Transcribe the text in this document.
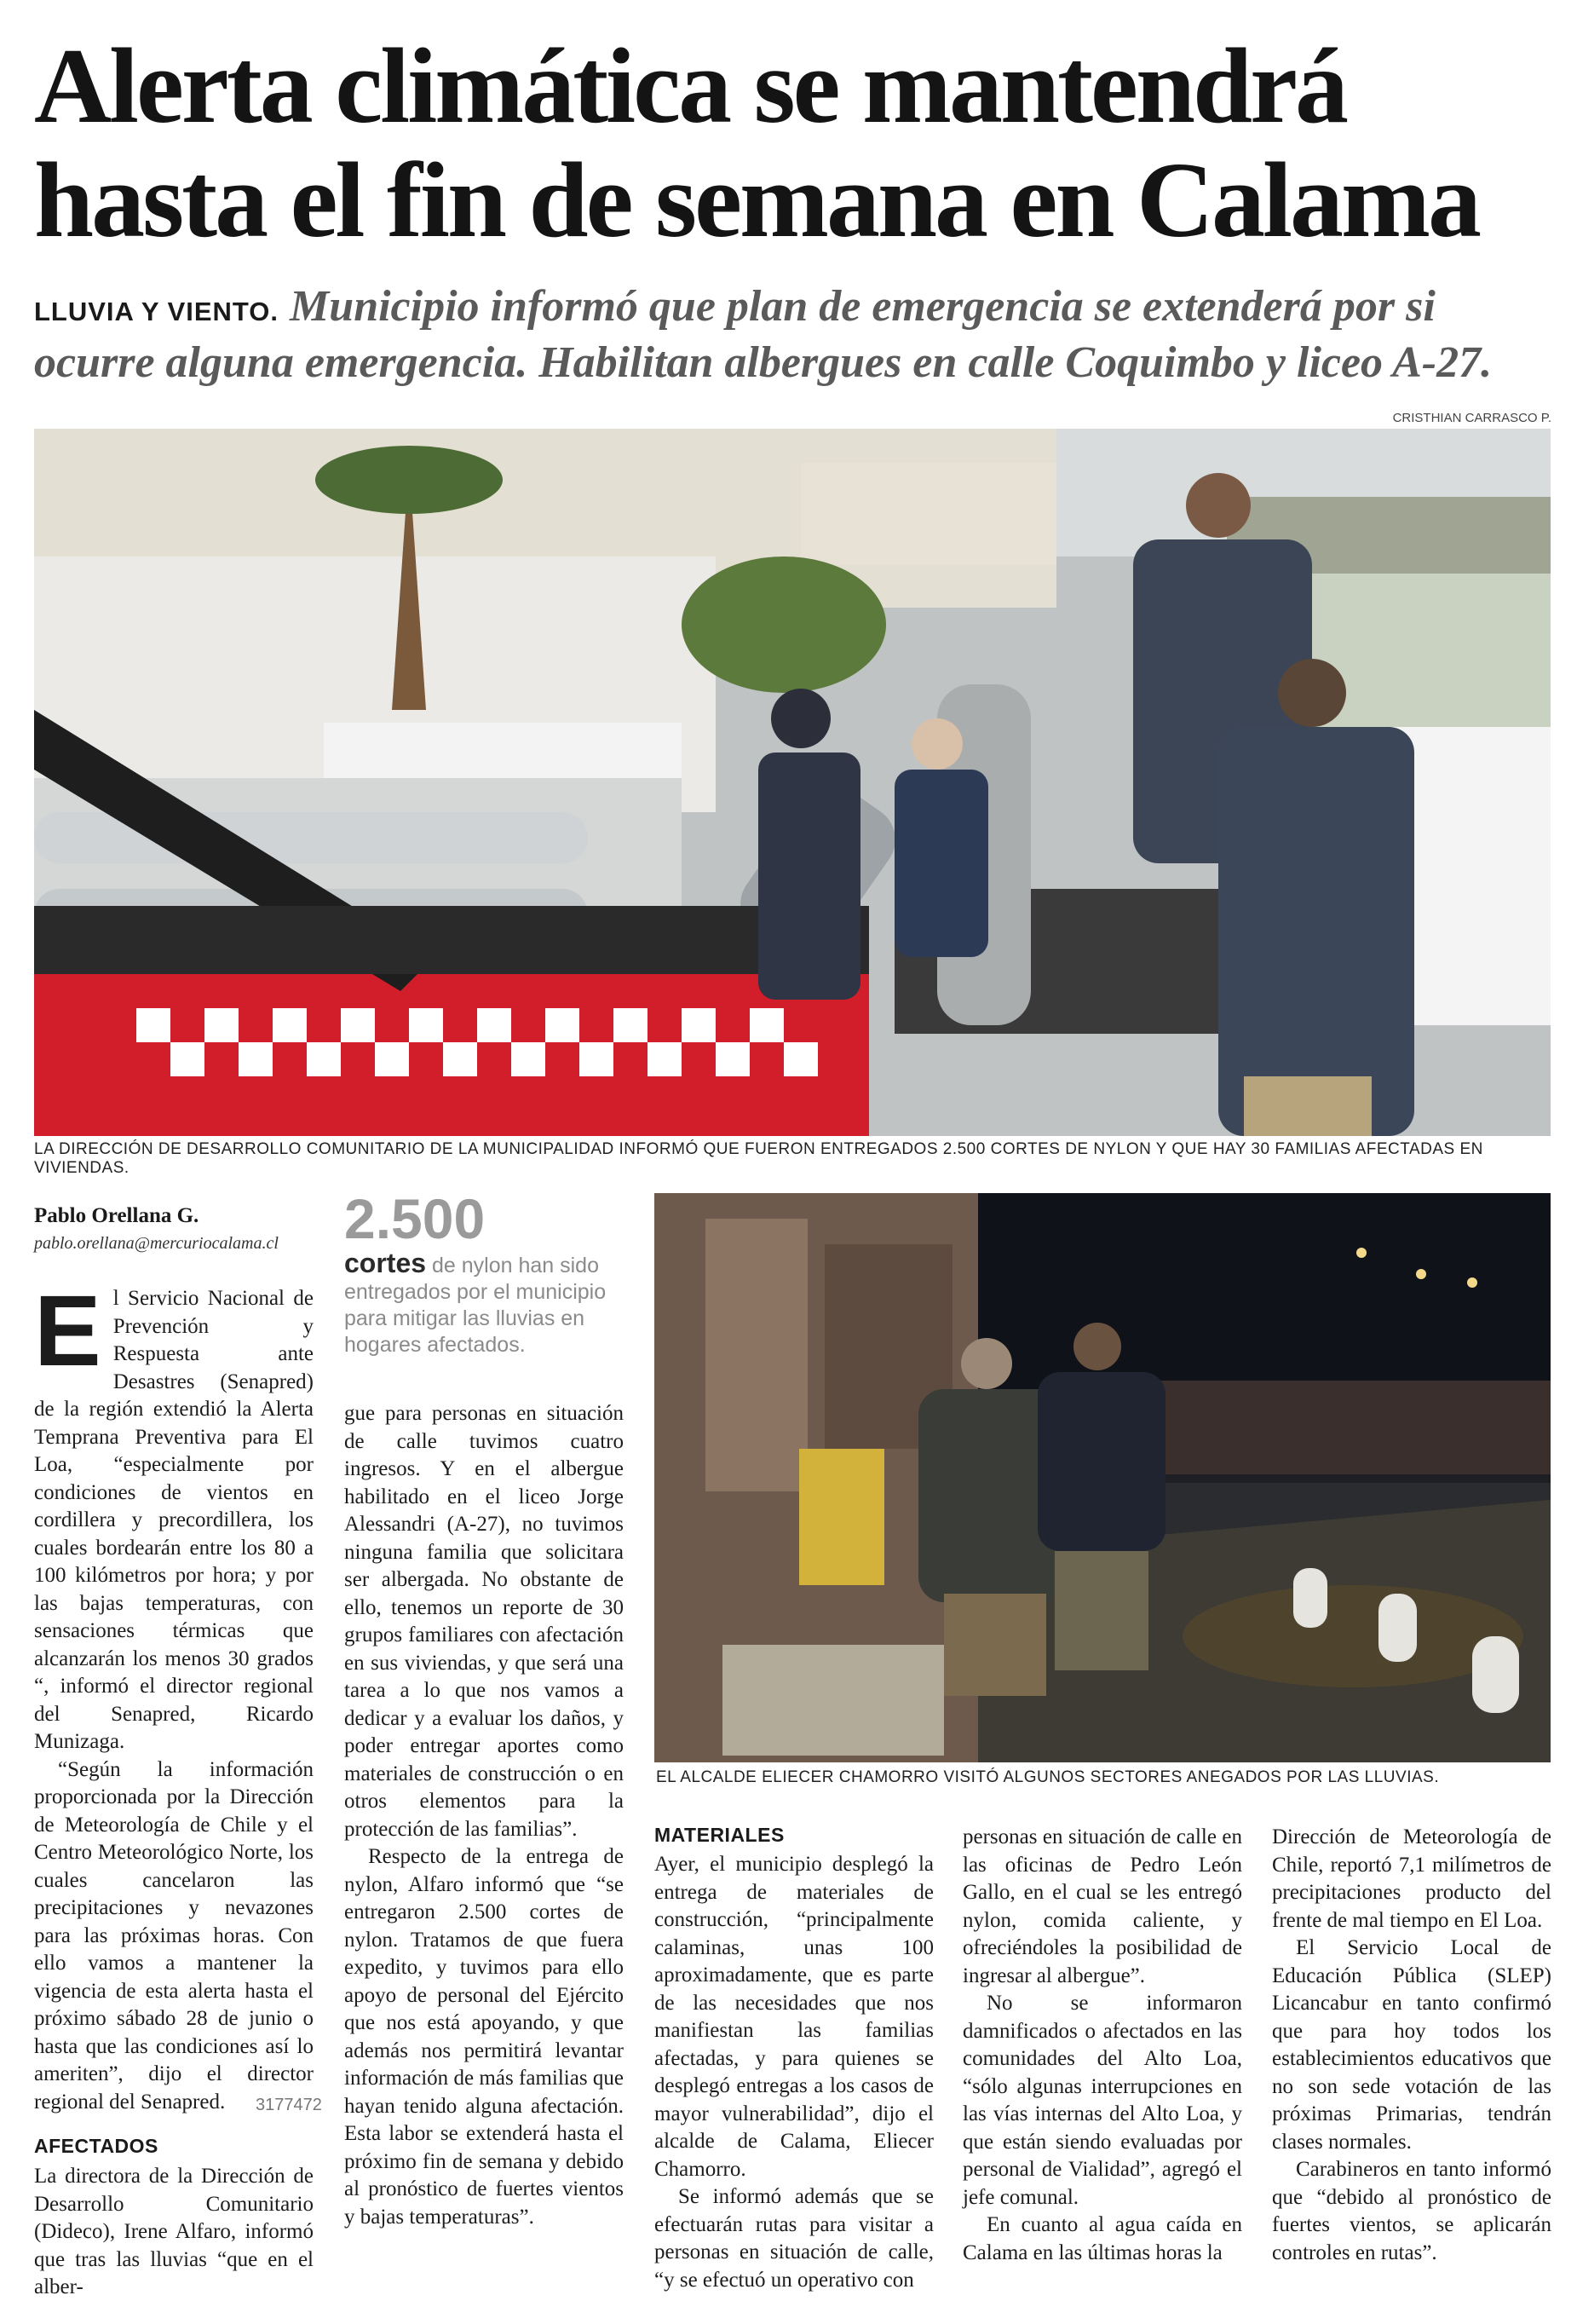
Alerta climática se mantendrá hasta el fin de semana en Calama
LLUVIA Y VIENTO. Municipio informó que plan de emergencia se extenderá por si ocurre alguna emergencia. Habilitan albergues en calle Coquimbo y liceo A-27.
CRISTHIAN CARRASCO P.
LA DIRECCIÓN DE DESARROLLO COMUNITARIO DE LA MUNICIPALIDAD INFORMÓ QUE FUERON ENTREGADOS 2.500 CORTES DE NYLON Y QUE HAY 30 FAMILIAS AFECTADAS EN VIVIENDAS.
EL ALCALDE ELIECER CHAMORRO VISITÓ ALGUNOS SECTORES ANEGADOS POR LAS LLUVIAS.
Pablo Orellana G.
pablo.orellana@mercuriocalama.cl 2.500
cortes de nylon han sido entregados por el municipio para mitigar las lluvias en hogares afectados.

El Servicio Nacional de Prevención y Respuesta ante Desastres (Senapred) de la región extendió la Alerta Temprana Preventiva para El Loa, “especialmente por condiciones de vientos en cordillera y precordillera, los cuales bordearán entre los 80 a 100 kilómetros por hora; y por las bajas temperaturas, con sensaciones térmicas que alcanzarán los menos 30 grados “, informó el director regional del Senapred, Ricardo Munizaga.

“Según la información proporcionada por la Dirección de Meteorología de Chile y el Centro Meteorológico Norte, los cuales cancelaron las precipitaciones y nevazones para las próximas horas. Con ello vamos a mantener la vigencia de esta alerta hasta el próximo sábado 28 de junio o hasta que las condiciones así lo ameriten”, dijo el director regional del Senapred.

AFECTADOS

La directora de la Dirección de Desarrollo Comunitario (Dideco), Irene Alfaro, informó que tras las lluvias “que en el alber-

gue para personas en situación de calle tuvimos cuatro ingresos. Y en el albergue habilitado en el liceo Jorge Alessandri (A-27), no tuvimos ninguna familia que solicitara ser albergada. No obstante de ello, tenemos un reporte de 30 grupos familiares con afectación en sus viviendas, y que será una tarea a lo que nos vamos a dedicar y a evaluar los daños, y poder entregar aportes como materiales de construcción o en otros elementos para la protección de las familias”.

Respecto de la entrega de nylon, Alfaro informó que “se entregaron 2.500 cortes de nylon. Tratamos de que fuera expedito, y tuvimos para ello apoyo de personal del Ejército que nos está apoyando, y que además nos permitirá levantar información de más familias que hayan tenido alguna afectación. Esta labor se extenderá hasta el próximo fin de semana y debido al pronóstico de fuertes vientos y bajas temperaturas”.

MATERIALES

Ayer, el municipio desplegó la entrega de materiales de construcción, “principalmente calaminas, unas 100 aproximadamente, que es parte de las necesidades que nos manifiestan las familias afectadas, y para quienes se desplegó entregas a los casos de mayor vulnerabilidad”, dijo el alcalde de Calama, Eliecer Chamorro.

Se informó además que se efectuarán rutas para visitar a personas en situación de calle, “y se efectuó un operativo con

personas en situación de calle en las oficinas de Pedro León Gallo, en el cual se les entregó nylon, comida caliente, y ofreciéndoles la posibilidad de ingresar al albergue”.

No se informaron damnificados o afectados en las comunidades del Alto Loa, “sólo algunas interrupciones en las vías internas del Alto Loa, y que están siendo evaluadas por personal de Vialidad”, agregó el jefe comunal.

En cuanto al agua caída en Calama en las últimas horas la

Dirección de Meteorología de Chile, reportó 7,1 milímetros de precipitaciones producto del frente de mal tiempo en El Loa.

El Servicio Local de Educación Pública (SLEP) Licancabur en tanto confirmó que para hoy todos los establecimientos educativos que no son sede votación de las próximas Primarias, tendrán clases normales.

Carabineros en tanto informó que “debido al pronóstico de fuertes vientos, se aplicarán controles en rutas”.

3177472
